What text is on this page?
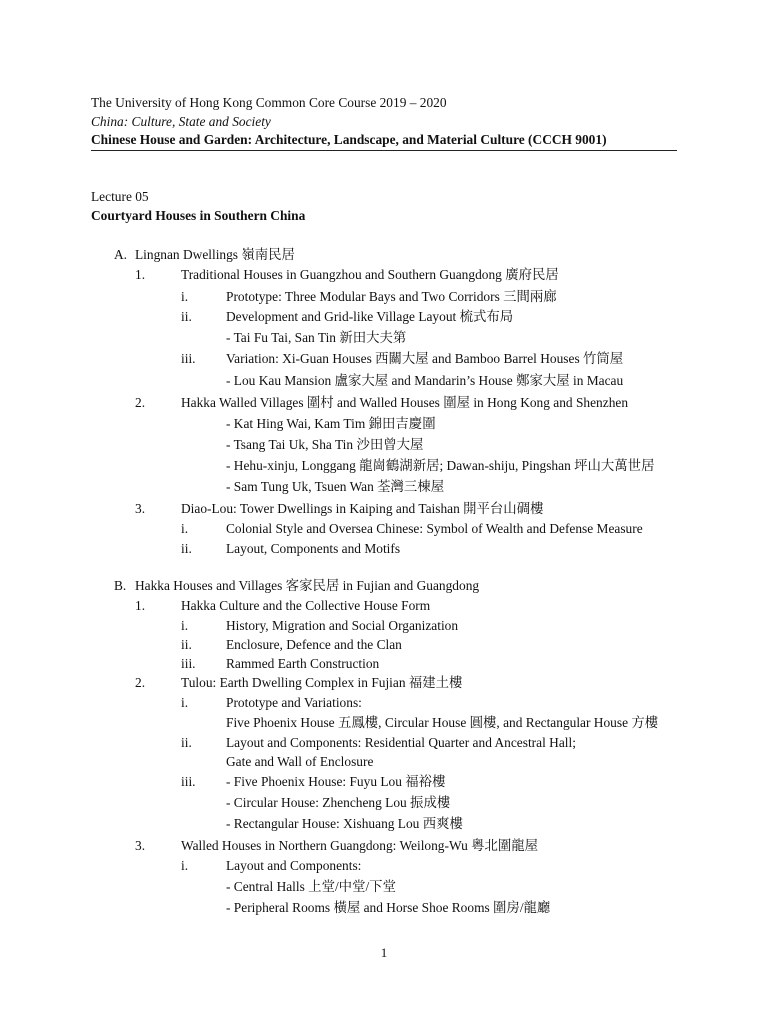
The University of Hong Kong Common Core Course 2019 – 2020
China: Culture, State and Society
Chinese House and Garden: Architecture, Landscape, and Material Culture (CCCH 9001)
Lecture 05
Courtyard Houses in Southern China
A. Lingnan Dwellings 嶺南民居
1.	Traditional Houses in Guangzhou and Southern Guangdong 廣府民居
i.	Prototype: Three Modular Bays and Two Corridors 三間兩廊
ii.	Development and Grid-like Village Layout 梳式布局
- Tai Fu Tai, San Tin 新田大夫第
iii. Variation: Xi-Guan Houses 西關大屋 and Bamboo Barrel Houses 竹筒屋
- Lou Kau Mansion 盧家大屋 and Mandarin’s House 鄭家大屋 in Macau
2.	Hakka Walled Villages 圍村 and Walled Houses 圍屋 in Hong Kong and Shenzhen
- Kat Hing Wai, Kam Tim 錦田吉慶圍
- Tsang Tai Uk, Sha Tin 沙田曾大屋
- Hehu-xinju, Longgang 龍崗鶴湖新居; Dawan-shiju, Pingshan 坪山大萬世居
- Sam Tung Uk, Tsuen Wan 荃灣三棟屋
3.	Diao-Lou: Tower Dwellings in Kaiping and Taishan 開平台山碉樓
i.	Colonial Style and Oversea Chinese: Symbol of Wealth and Defense Measure
ii.	Layout, Components and Motifs
B. Hakka Houses and Villages 客家民居 in Fujian and Guangdong
1.	Hakka Culture and the Collective House Form
i.	History, Migration and Social Organization
ii.	Enclosure, Defence and the Clan
iii. Rammed Earth Construction
2.	Tulou: Earth Dwelling Complex in Fujian 福建土樓
i.	Prototype and Variations:
Five Phoenix House 五鳳樓, Circular House 圓樓, and Rectangular House 方樓
ii.	Layout and Components: Residential Quarter and Ancestral Hall;
Gate and Wall of Enclosure
iii. - Five Phoenix House: Fuyu Lou 福裕樓
- Circular House: Zhencheng Lou 振成樓
- Rectangular House: Xishuang Lou 西爽樓
3.	Walled Houses in Northern Guangdong: Weilong-Wu 粵北圍龍屋
i.	Layout and Components:
- Central Halls 上堂/中堂/下堂
- Peripheral Rooms 橫屋 and Horse Shoe Rooms 圍房/龍廳
1
